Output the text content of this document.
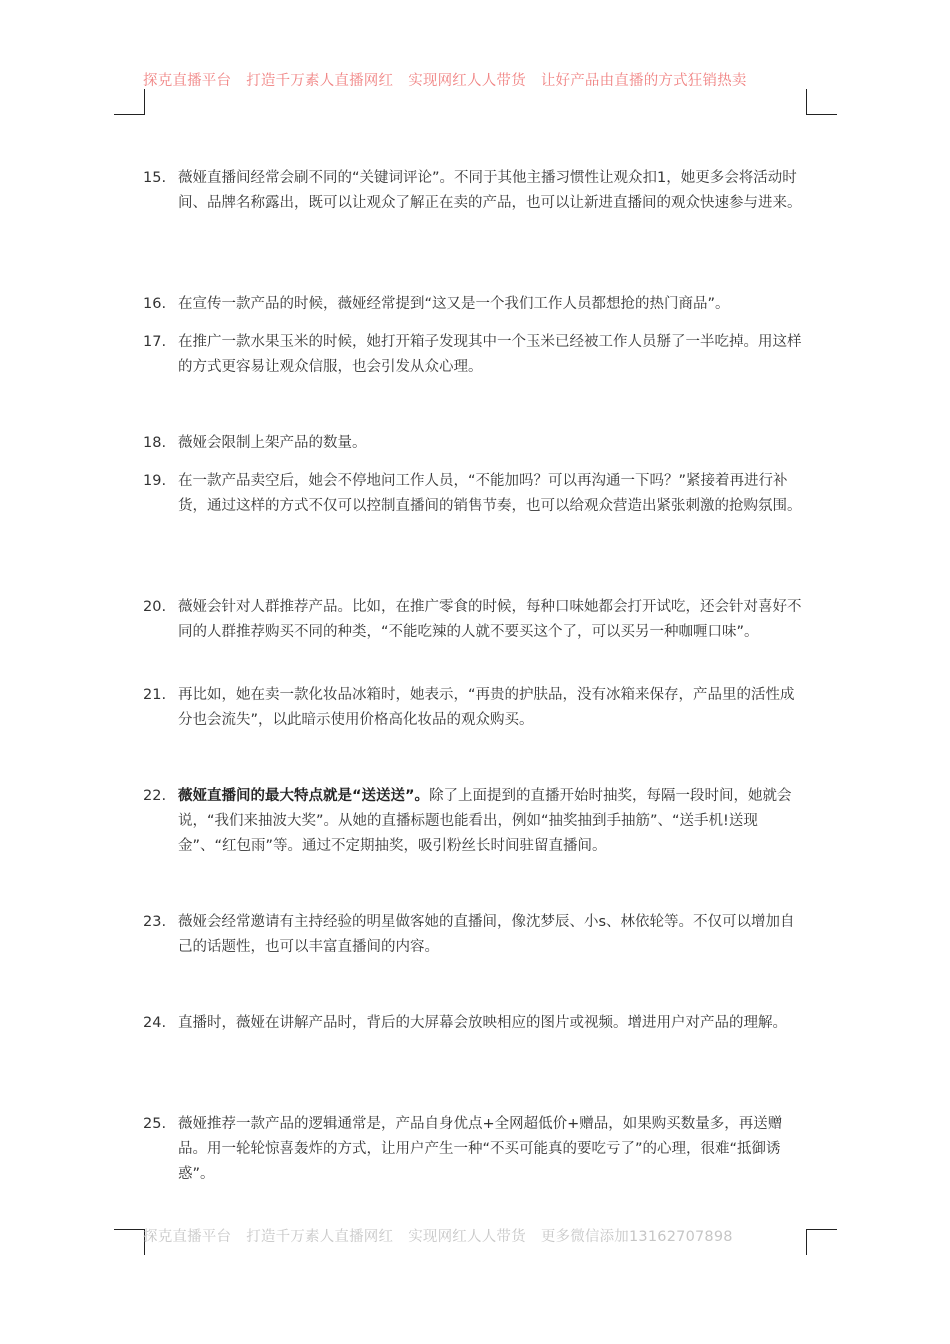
探克直播平台 打造千万素人直播网红 实现网红人人带货 让好产品由直播的方式狂销热卖
15. 薇娅直播间经常会刷不同的“关键词评论”。不同于其他主播习惯性让观众扣1，她更多会将活动时间、品牌名称露出，既可以让观众了解正在卖的产品，也可以让新进直播间的观众快速参与进来。
16. 在宣传一款产品的时候，薇娅经常提到“这又是一个我们工作人员都想抢的热门商品”。
17. 在推广一款水果玉米的时候，她打开箱子发现其中一个玉米已经被工作人员掰了一半吃掉。用这样的方式更容易让观众信服，也会引发从众心理。
18. 薇娅会限制上架产品的数量。
19. 在一款产品卖空后，她会不停地问工作人员，“不能加吗？可以再沟通一下吗？”紧接着再进行补货，通过这样的方式不仅可以控制直播间的销售节奏，也可以给观众营造出紧张刺激的抢购氛围。
20. 薇娅会针对人群推荐产品。比如，在推广零食的时候，每种口味她都会打开试吃，还会针对喜好不同的人群推荐购买不同的种类，“不能吃辣的人就不要买这个了，可以买另一种咖喱口味”。
21. 再比如，她在卖一款化妆品冰箱时，她表示，“再贵的护肤品，没有冰箱来保存，产品里的活性成分也会流失”，以此暗示使用价格高化妆品的观众购买。
22. 薇娅直播间的最大特点就是“送送送”。除了上面提到的直播开始时抽奖，每隔一段时间，她就会说，“我们来抽波大奖”。从她的直播标题也能看出，例如“抽奖抽到手抽筋”、“送手机!送现金”、“红包雨”等。通过不定期抽奖，吸引粉丝长时间驻留直播间。
23. 薇娅会经常邀请有主持经验的明星做客她的直播间，像沈梦辰、小s、林依轮等。不仅可以增加自己的话题性，也可以丰富直播间的内容。
24. 直播时，薇娅在讲解产品时，背后的大屏幕会放映相应的图片或视频。增进用户对产品的理解。
25. 薇娅推荐一款产品的逻辑通常是，产品自身优点+全网超低价+赠品，如果购买数量多，再送赠品。用一轮轮惊喜轰炸的方式，让用户产生一种“不买可能真的要吃亏了”的心理，很难“抵御诱惑”。
探克直播平台 打造千万素人直播网红 实现网红人人带货 更多微信添加13162707898
